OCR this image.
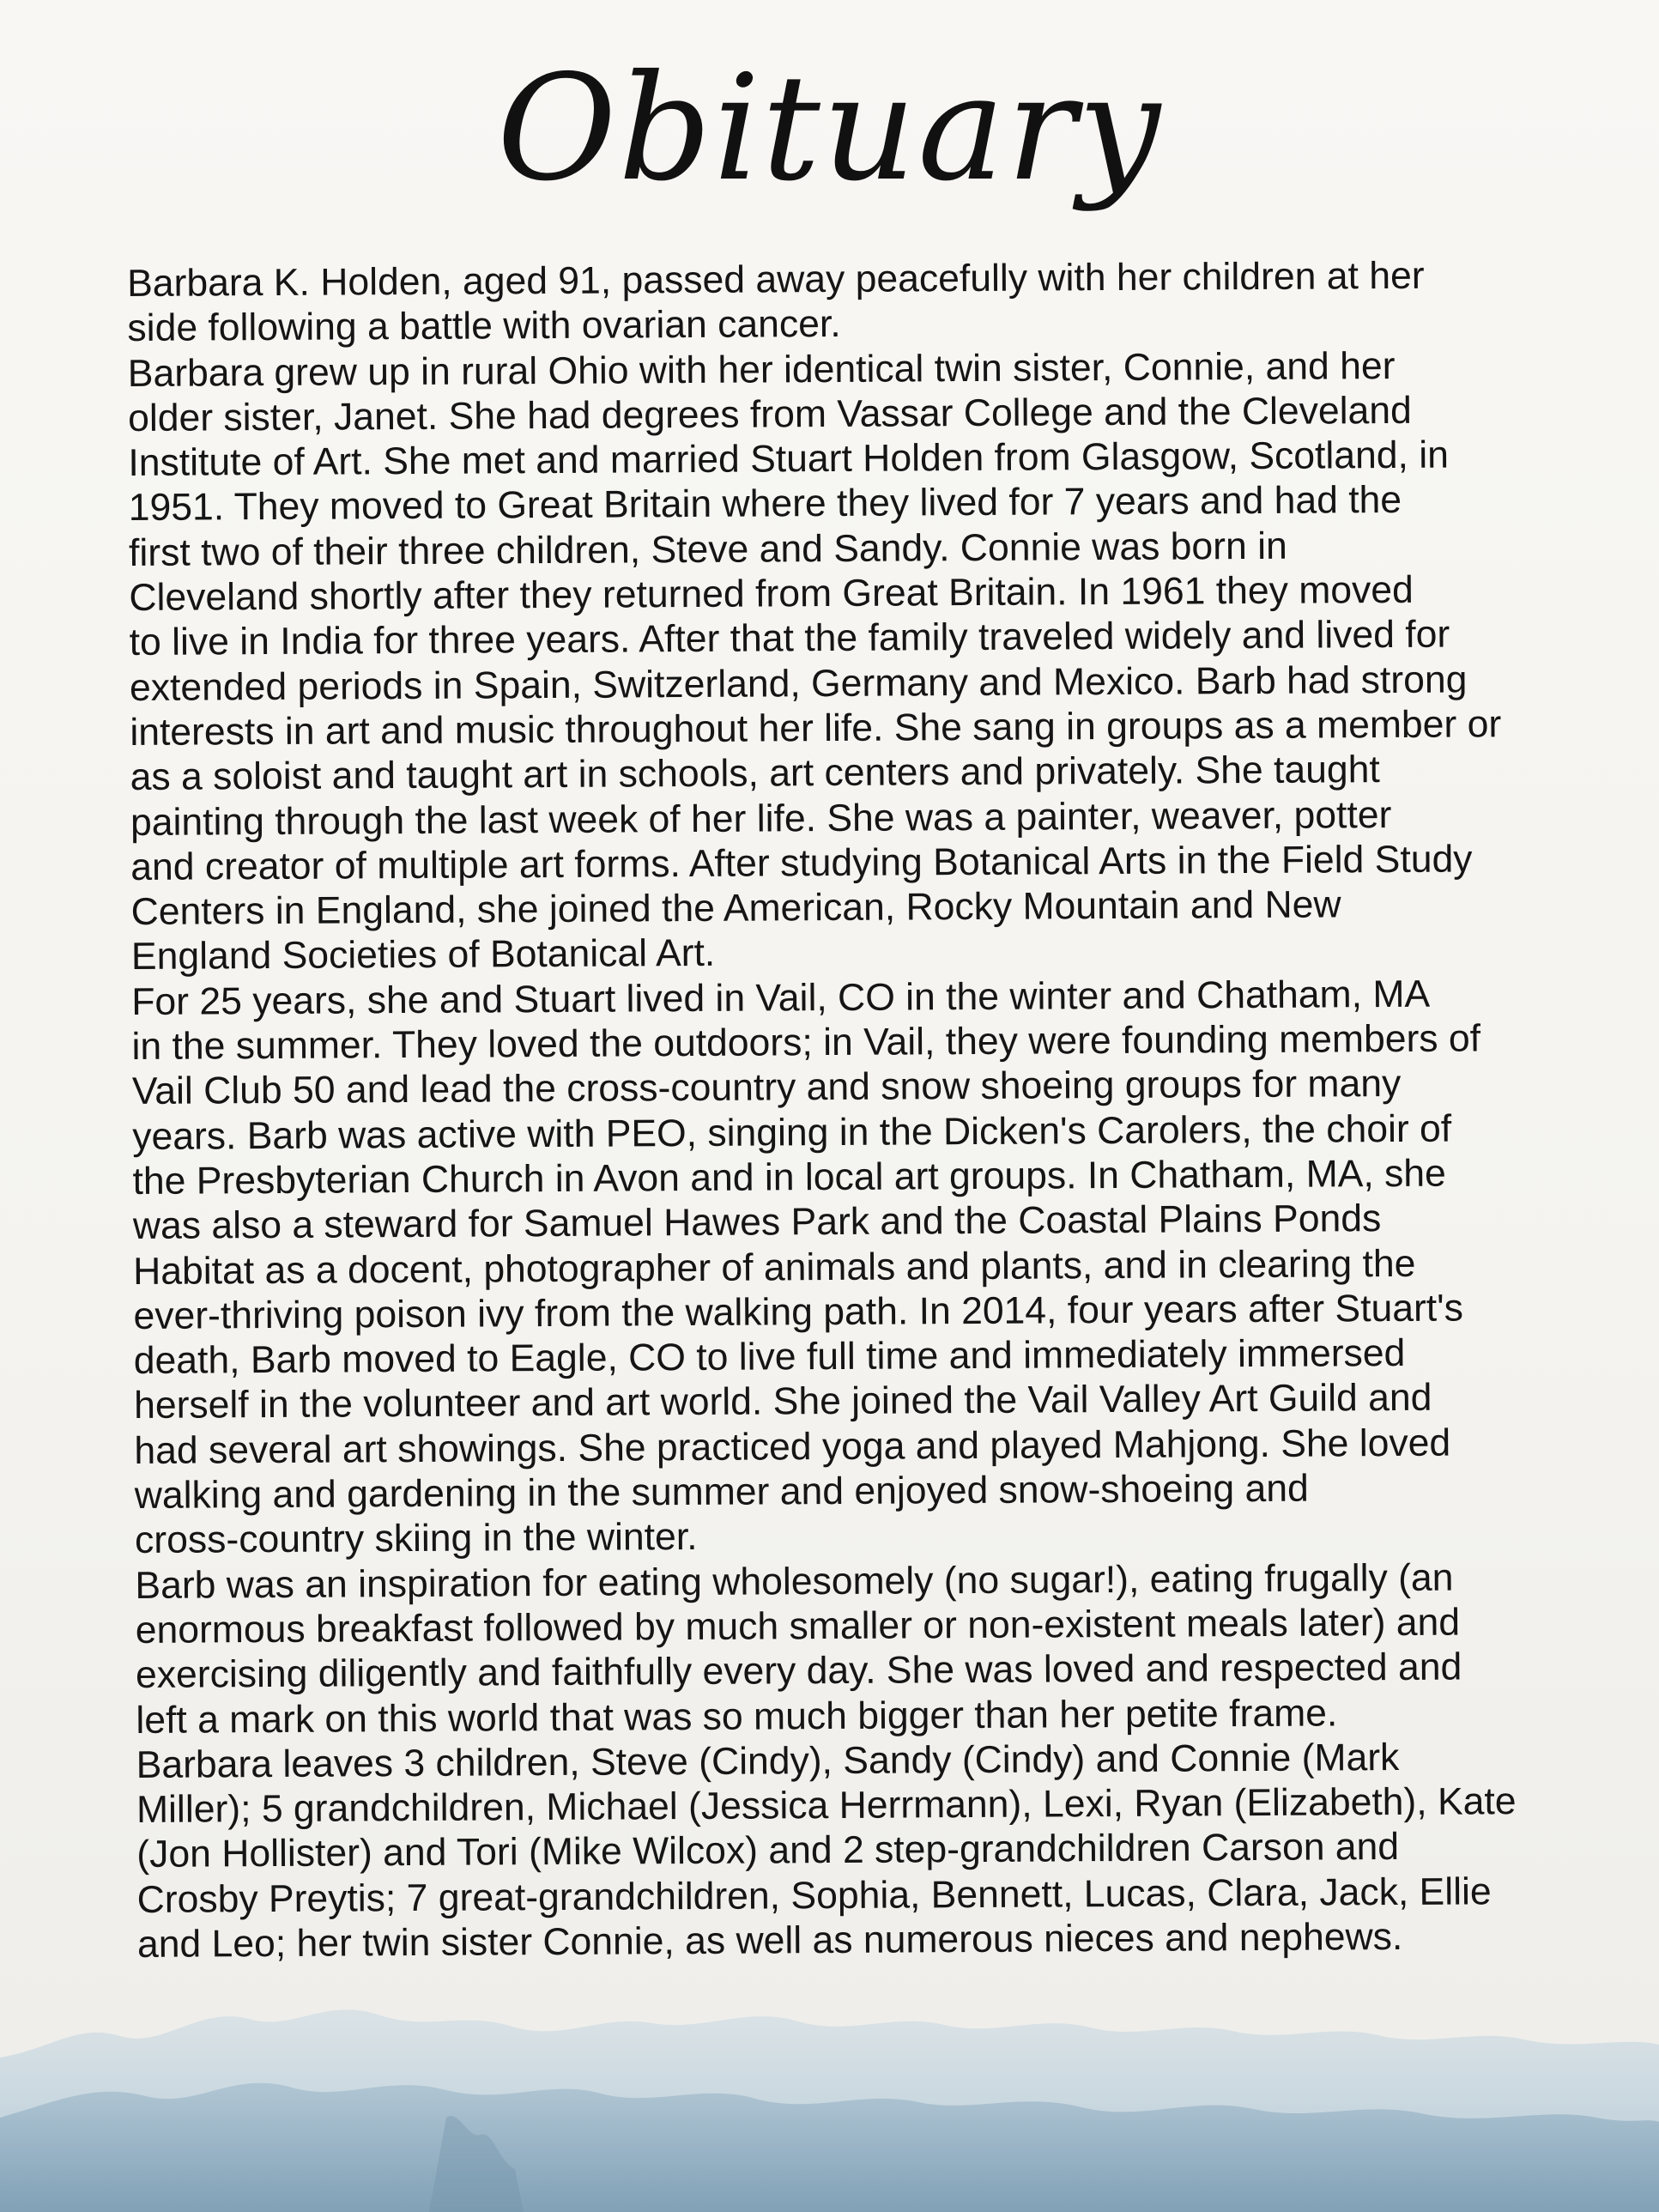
Obituary
Barbara K. Holden, aged 91, passed away peacefully with her children at her
side following a battle with ovarian cancer.
Barbara grew up in rural Ohio with her identical twin sister, Connie, and her
older sister, Janet. She had degrees from Vassar College and the Cleveland
Institute of Art. She met and married Stuart Holden from Glasgow, Scotland, in
1951. They moved to Great Britain where they lived for 7 years and had the
first two of their three children, Steve and Sandy. Connie was born in
Cleveland shortly after they returned from Great Britain. In 1961 they moved
to live in India for three years. After that the family traveled widely and lived for
extended periods in Spain, Switzerland, Germany and Mexico. Barb had strong
interests in art and music throughout her life. She sang in groups as a member or
as a soloist and taught art in schools, art centers and privately. She taught
painting through the last week of her life. She was a painter, weaver, potter
and creator of multiple art forms. After studying Botanical Arts in the Field Study
Centers in England, she joined the American, Rocky Mountain and New
England Societies of Botanical Art.
For 25 years, she and Stuart lived in Vail, CO in the winter and Chatham, MA
in the summer. They loved the outdoors; in Vail, they were founding members of
Vail Club 50 and lead the cross-country and snow shoeing groups for many
years. Barb was active with PEO, singing in the Dicken's Carolers, the choir of
the Presbyterian Church in Avon and in local art groups. In Chatham, MA, she
was also a steward for Samuel Hawes Park and the Coastal Plains Ponds
Habitat as a docent, photographer of animals and plants, and in clearing the
ever-thriving poison ivy from the walking path. In 2014, four years after Stuart's
death, Barb moved to Eagle, CO to live full time and immediately immersed
herself in the volunteer and art world. She joined the Vail Valley Art Guild and
had several art showings. She practiced yoga and played Mahjong. She loved
walking and gardening in the summer and enjoyed snow-shoeing and
cross-country skiing in the winter.
Barb was an inspiration for eating wholesomely (no sugar!), eating frugally (an
enormous breakfast followed by much smaller or non-existent meals later) and
exercising diligently and faithfully every day. She was loved and respected and
left a mark on this world that was so much bigger than her petite frame.
Barbara leaves 3 children, Steve (Cindy), Sandy (Cindy) and Connie (Mark
Miller); 5 grandchildren, Michael (Jessica Herrmann), Lexi, Ryan (Elizabeth), Kate
(Jon Hollister) and Tori (Mike Wilcox) and 2 step-grandchildren Carson and
Crosby Preytis; 7 great-grandchildren, Sophia, Bennett, Lucas, Clara, Jack, Ellie
and Leo; her twin sister Connie, as well as numerous nieces and nephews.
